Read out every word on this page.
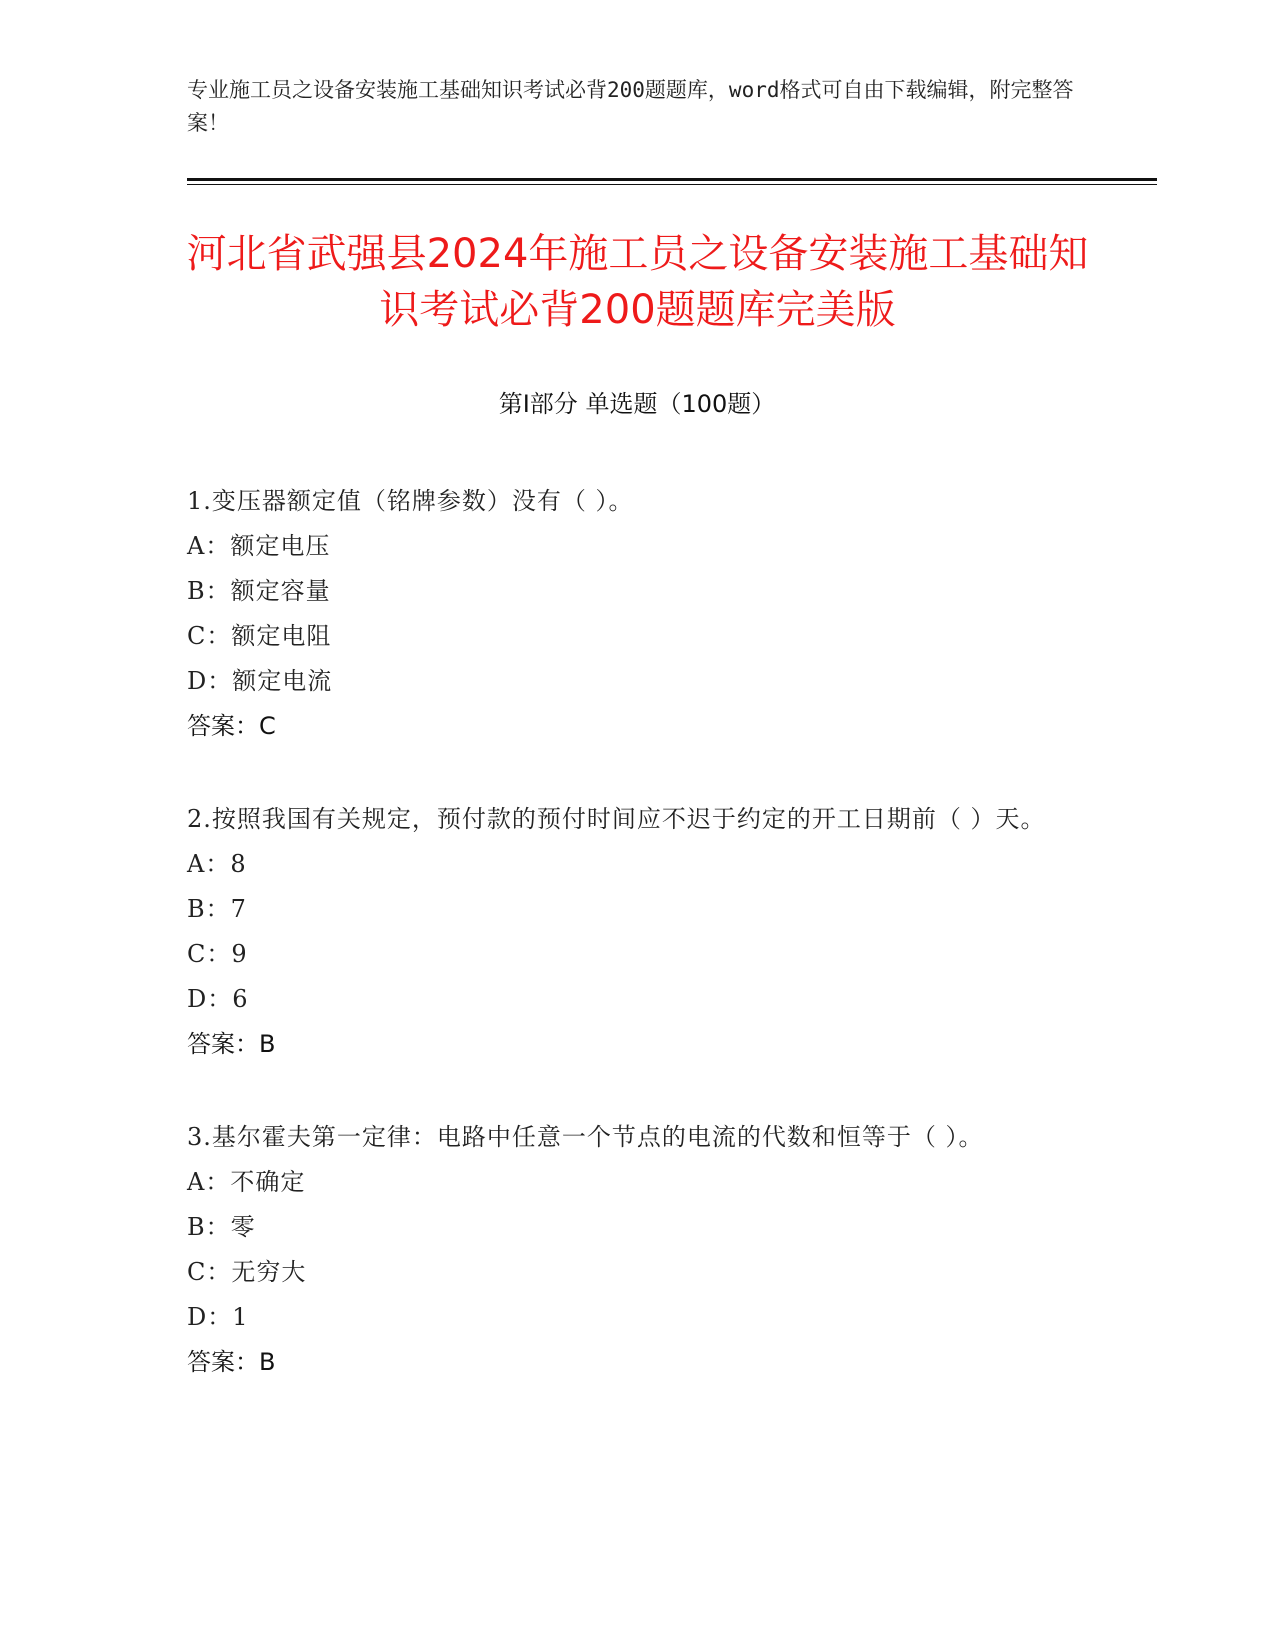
专业施工员之设备安装施工基础知识考试必背200题题库，word格式可自由下载编辑，附完整答案！
河北省武强县2024年施工员之设备安装施工基础知识考试必背200题题库完美版
第Ⅰ部分 单选题（100题）
1.变压器额定值（铭牌参数）没有（ ）。
A：额定电压
B：额定容量
C：额定电阻
D：额定电流
答案：C
2.按照我国有关规定，预付款的预付时间应不迟于约定的开工日期前（ ）天。
A：8
B：7
C：9
D：6
答案：B
3.基尔霍夫第一定律：电路中任意一个节点的电流的代数和恒等于（ ）。
A：不确定
B：零
C：无穷大
D：1
答案：B
